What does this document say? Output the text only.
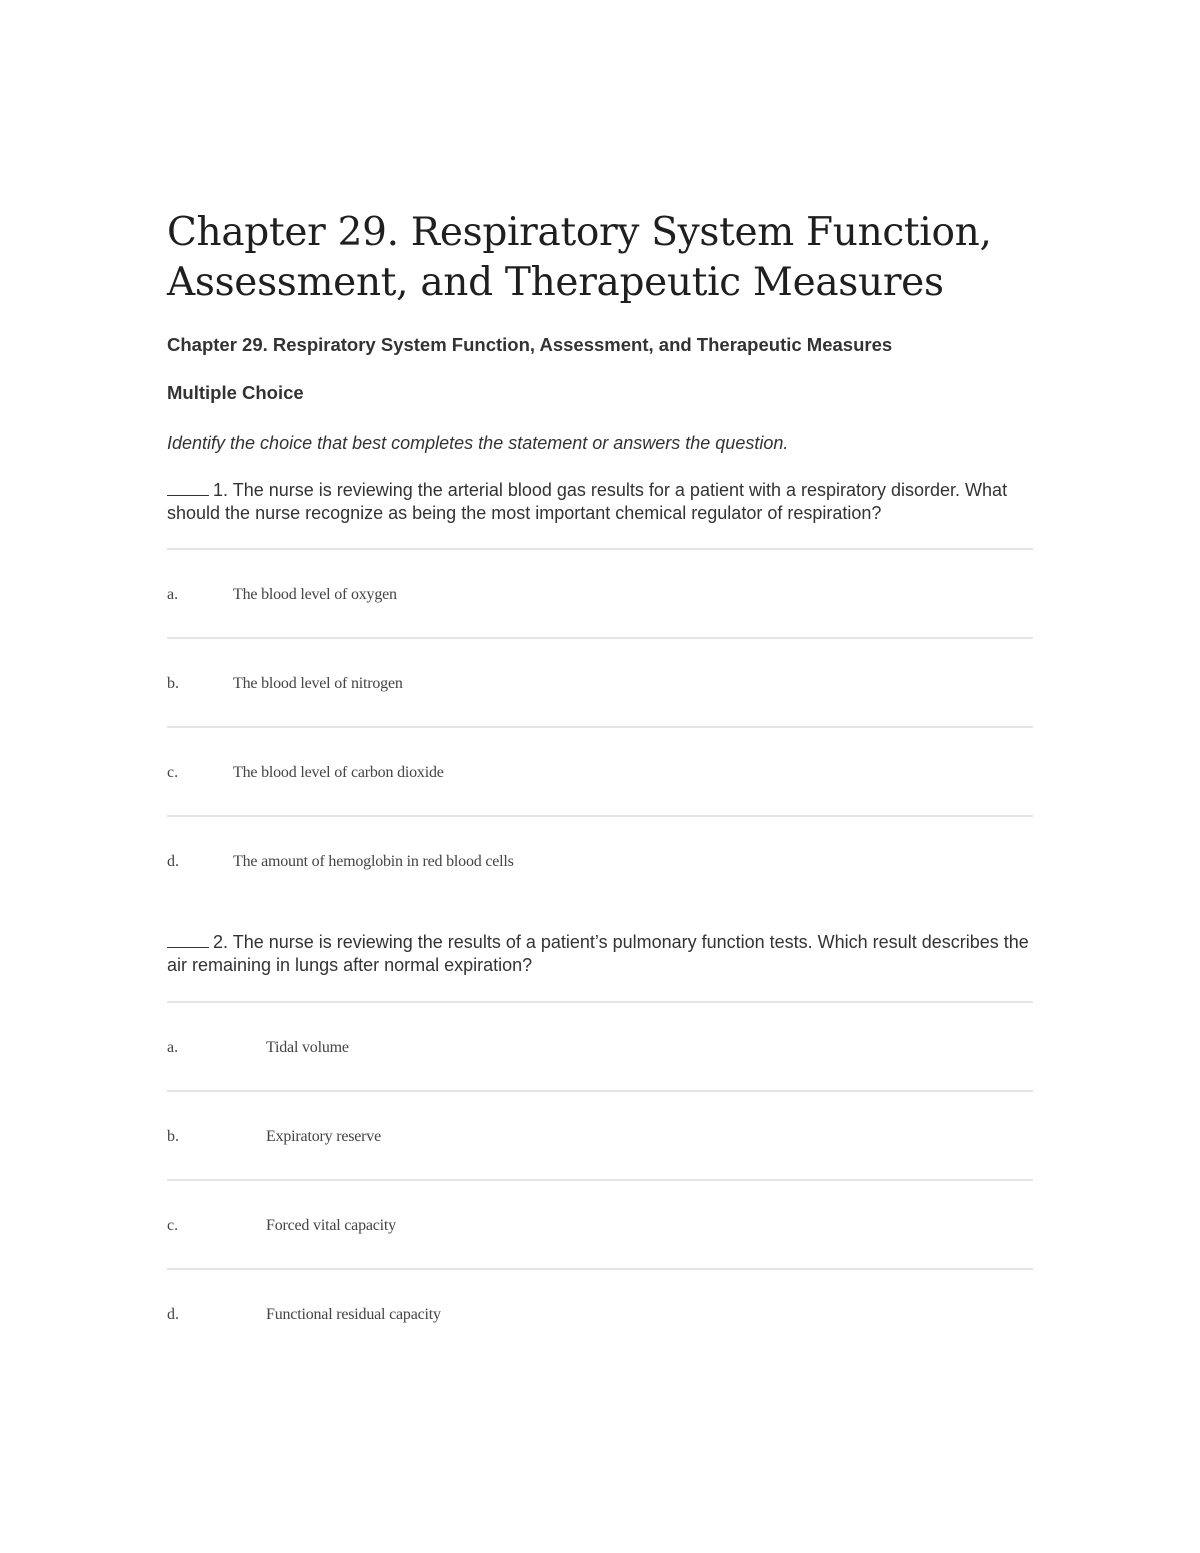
Chapter 29. Respiratory System Function, Assessment, and Therapeutic Measures
Chapter 29. Respiratory System Function, Assessment, and Therapeutic Measures
Multiple Choice

Identify the choice that best completes the statement or answers the question.

1. The nurse is reviewing the arterial blood gas results for a patient with a respiratory disorder. What should the nurse recognize as being the most important chemical regulator of respiration?

a.	The blood level of oxygen
b.	The blood level of nitrogen
c.	The blood level of carbon dioxide
d.	The amount of hemoglobin in red blood cells

2. The nurse is reviewing the results of a patient’s pulmonary function tests. Which result describes the air remaining in lungs after normal expiration?

a.	Tidal volume
b.	Expiratory reserve
c.	Forced vital capacity
d.	Functional residual capacity
